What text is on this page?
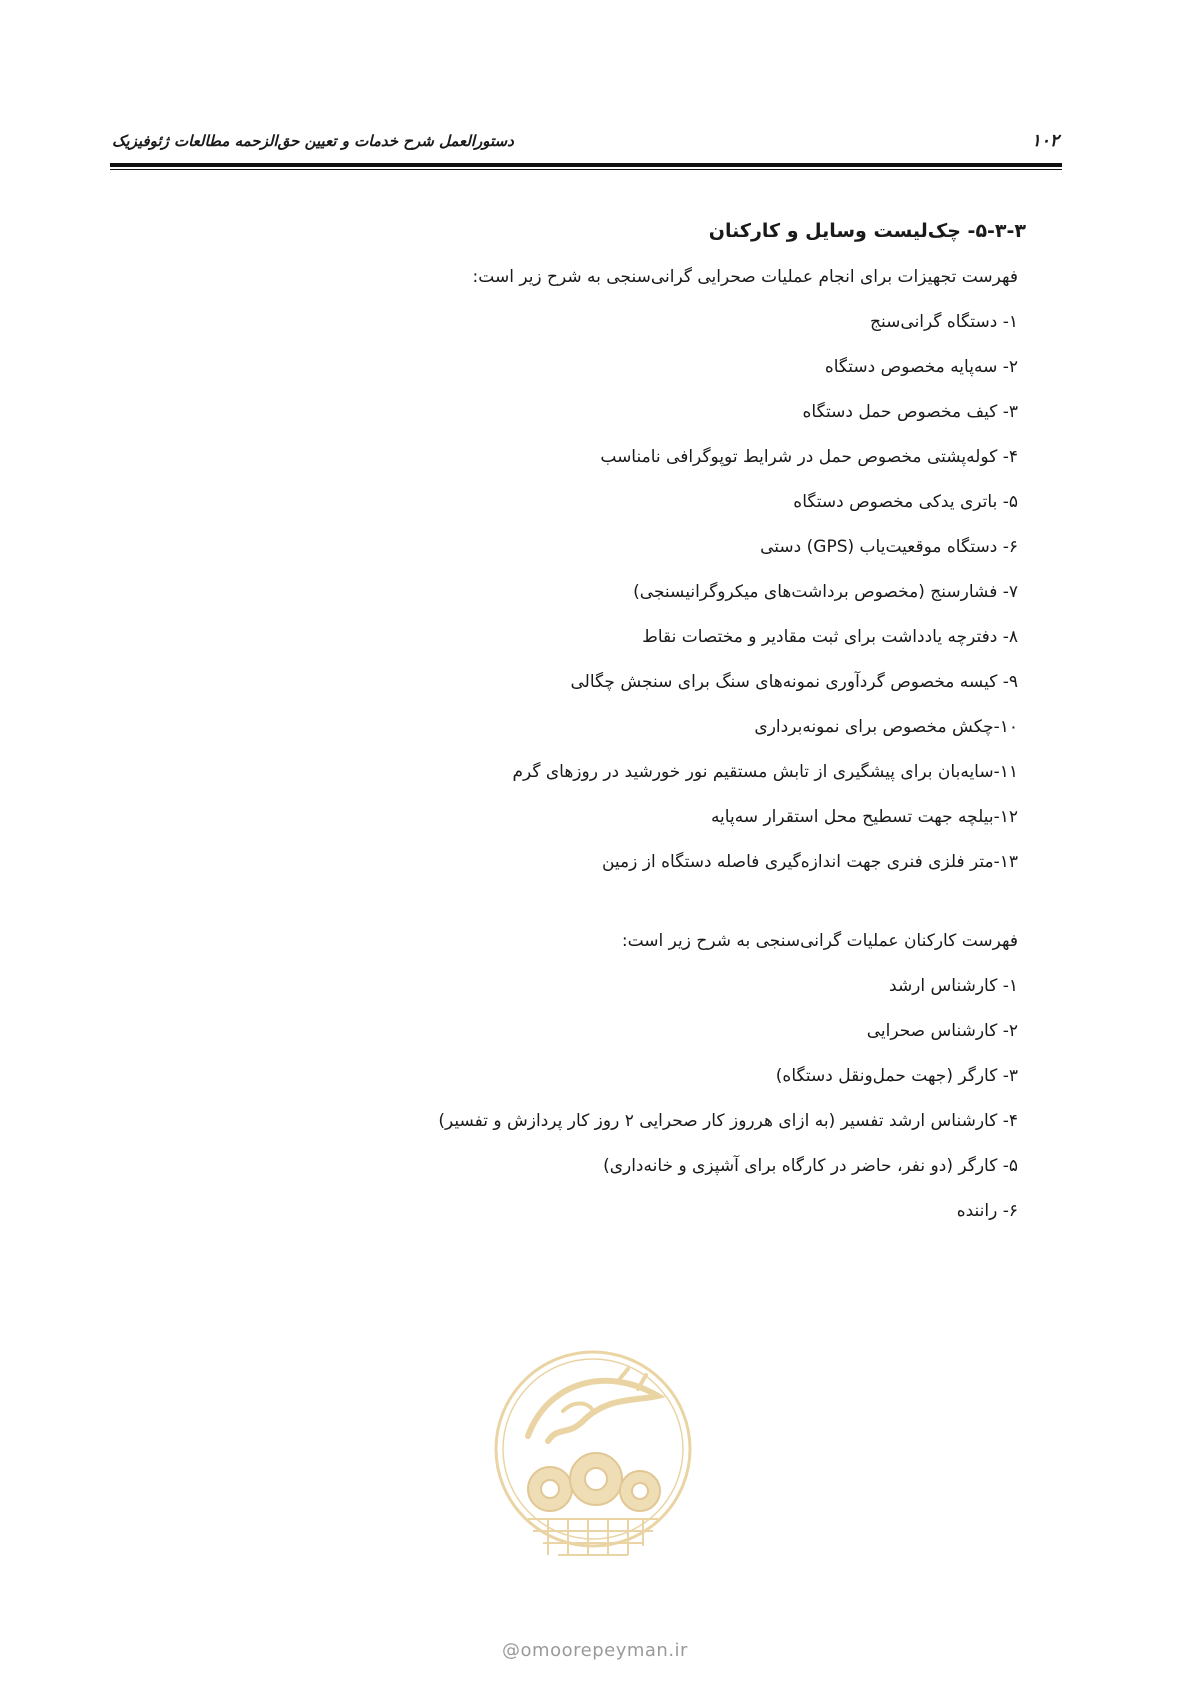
۱۰۲
دستورالعمل شرح خدمات و تعیین حق‌الزحمه مطالعات ژئوفیزیک
۵-۳-۳- چک‌لیست وسایل و کارکنان
فهرست تجهیزات برای انجام عملیات صحرایی گرانی‌سنجی به شرح زیر است:
۱- دستگاه گرانی‌سنج
۲- سه‌پایه مخصوص دستگاه
۳- کیف مخصوص حمل دستگاه
۴- کوله‌پشتی مخصوص حمل در شرایط توپوگرافی نامناسب
۵- باتری یدکی مخصوص دستگاه
۶- دستگاه موقعیت‌یاب (GPS) دستی
۷- فشارسنج (مخصوص برداشت‌های میکروگرانیسنجی)
۸- دفترچه یادداشت برای ثبت مقادیر و مختصات نقاط
۹- کیسه مخصوص گردآوری نمونه‌های سنگ برای سنجش چگالی
۱۰-چکش مخصوص برای نمونه‌برداری
۱۱-سایه‌بان برای پیشگیری از تابش مستقیم نور خورشید در روزهای گرم
۱۲-بیلچه جهت تسطیح محل استقرار سه‌پایه
۱۳-متر فلزی فنری جهت اندازه‌گیری فاصله دستگاه از زمین
فهرست کارکنان عملیات گرانی‌سنجی به شرح زیر است:
۱- کارشناس ارشد
۲- کارشناس صحرایی
۳- کارگر (جهت حمل‌ونقل دستگاه)
۴- کارشناس ارشد تفسیر (به ازای هرروز کار صحرایی ۲ روز کار پردازش و تفسیر)
۵- کارگر (دو نفر، حاضر در کارگاه برای آشپزی و خانه‌داری)
۶- راننده
@omoorepeyman.ir
